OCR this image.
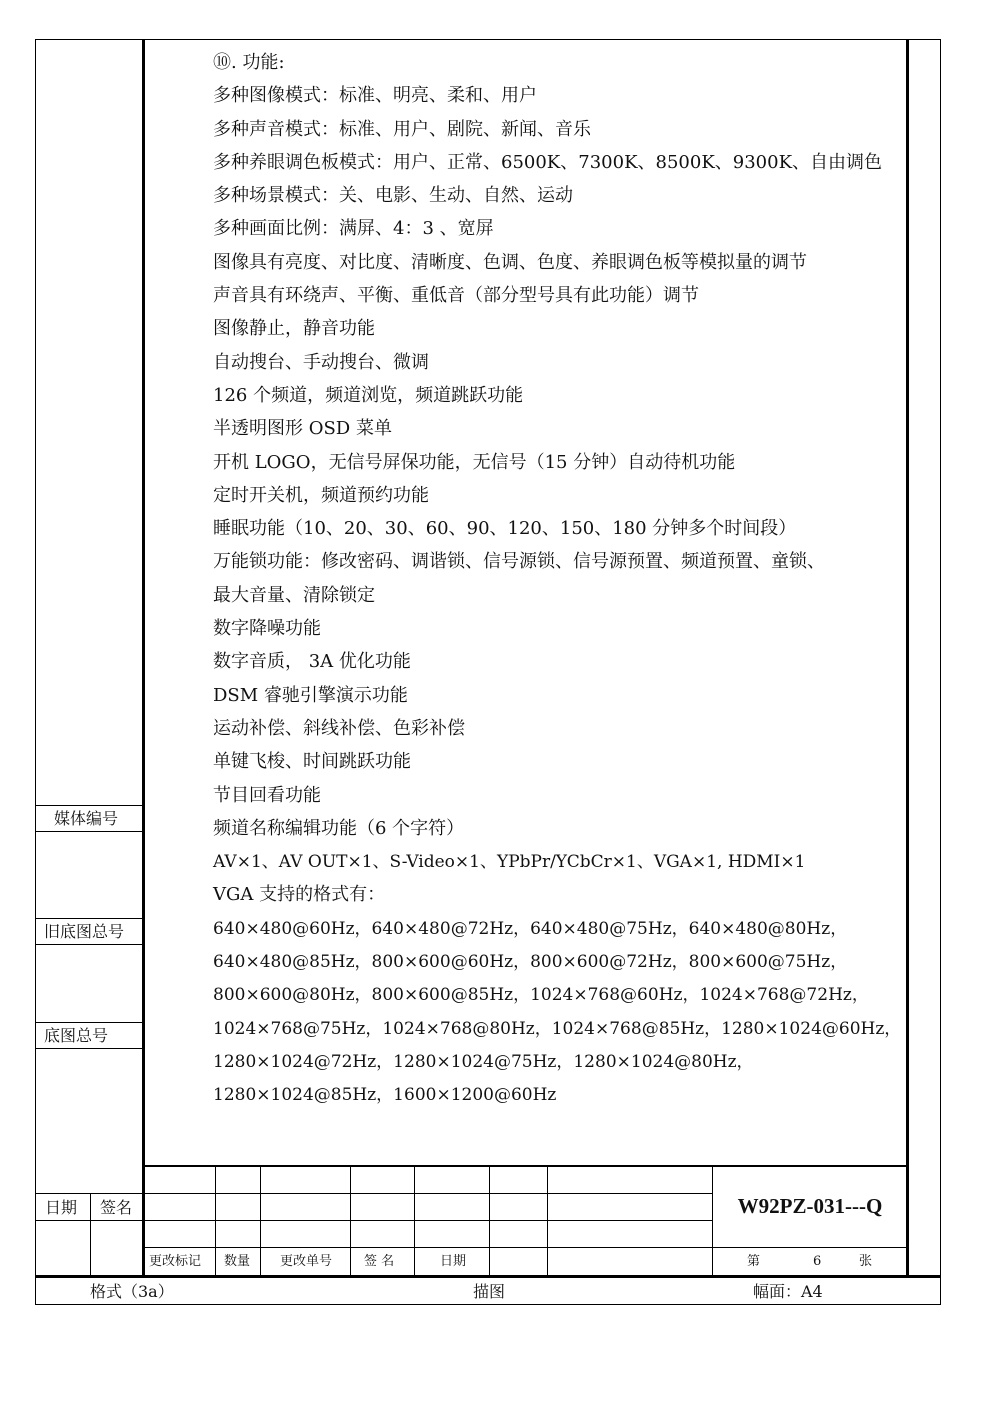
⑩. 功能:
多种图像模式：标准、明亮、柔和、用户
多种声音模式：标准、用户、剧院、新闻、音乐
多种养眼调色板模式：用户、正常、6500K、7300K、8500K、9300K、自由调色
多种场景模式：关、电影、生动、自然、运动
多种画面比例：满屏、4：3 、宽屏
图像具有亮度、对比度、清晰度、色调、色度、养眼调色板等模拟量的调节
声音具有环绕声、平衡、重低音（部分型号具有此功能）调节
图像静止，静音功能
自动搜台、手动搜台、微调
126 个频道，频道浏览，频道跳跃功能
半透明图形 OSD 菜单
开机 LOGO，无信号屏保功能，无信号（15 分钟）自动待机功能
定时开关机，频道预约功能
睡眠功能（10、20、30、60、90、120、150、180 分钟多个时间段）
万能锁功能：修改密码、调谐锁、信号源锁、信号源预置、频道预置、童锁、
最大音量、清除锁定
数字降噪功能
数字音质， 3A 优化功能
DSM 睿驰引擎演示功能
运动补偿、斜线补偿、色彩补偿
单键飞梭、时间跳跃功能
节目回看功能
频道名称编辑功能（6 个字符）
AV×1、AV OUT×1、S-Video×1、YPbPr/YCbCr×1、VGA×1, HDMI×1
VGA 支持的格式有：
640×480@60Hz，640×480@72Hz，640×480@75Hz，640×480@80Hz，
640×480@85Hz，800×600@60Hz，800×600@72Hz，800×600@75Hz，
800×600@80Hz，800×600@85Hz，1024×768@60Hz，1024×768@72Hz，
1024×768@75Hz，1024×768@80Hz，1024×768@85Hz，1280×1024@60Hz，
1280×1024@72Hz，1280×1024@75Hz，1280×1024@80Hz，
1280×1024@85Hz，1600×1200@60Hz
媒体编号
旧底图总号
底图总号
日期 签名
更改标记 数量 更改单号 签 名	日期
W92PZ-031---Q
第	6	张
格式（3a）	描图	幅面：A4
